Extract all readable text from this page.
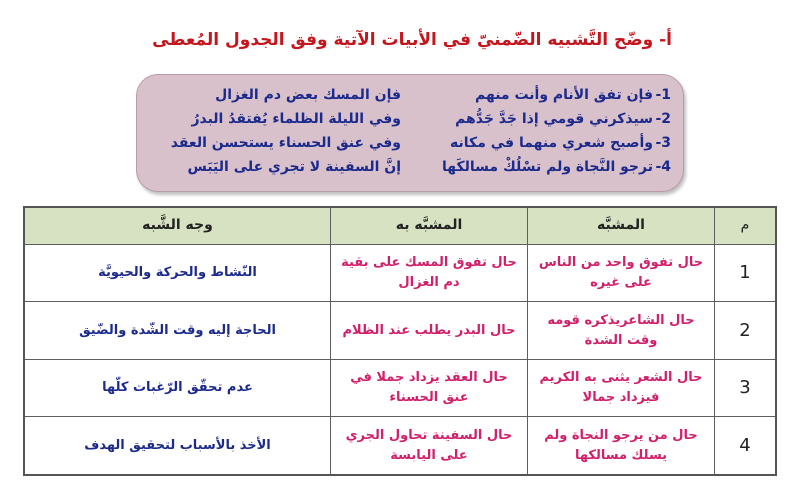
أ- وضّح التَّشبيه الضّمنيّ في الأبيات الآتية وفق الجدول المُعطى
1-
فإن تفق الأنام وأنت منهم
فإن المسك بعض دم الغزال
2-
سيذكرني قومي إذا جَدَّ جَدُّهم
وفي الليلة الظلماء يُفتقدُ البدرُ
3-
وأصبح شعري منهما في مكانه
وفي عنق الحسناء يستحسن العقد
4-
ترجو النَّجاة ولم تسْلُكْ مسالكَها
إنَّ السفينة لا تجري على اليَبَس
م	المشبَّه	المشبَّه به	وجه الشَّبه
1	حال تفوق واحد من الناس على غيره	حال تفوق المسك على بقية دم الغزال	النّشاط والحركة والحيويَّة
2	حال الشاعريذكره قومه وقت الشدة	حال البدر يطلب عند الظلام	الحاجة إليه وقت الشّدة والضّيق
3	حال الشعر يثنى به الكريم فيزداد جمالا	حال العقد يزداد جملا في عنق الحسناء	عدم تحقّق الرّغبات كلّها
4	حال من يرجو النجاة ولم يسلك مسالكها	حال السفينة تحاول الجري على اليابسة	الأخذ بالأسباب لتحقيق الهدف
